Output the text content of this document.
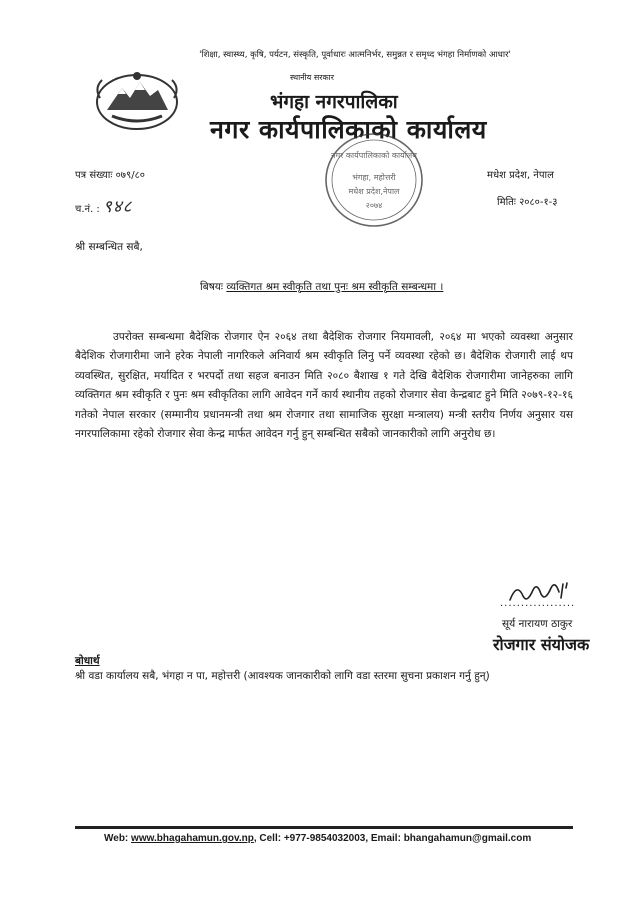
'शिक्षा, स्वास्थ्य, कृषि, पर्यटन, संस्कृति, पूर्वाधारः आत्मनिर्भर, समुन्नत र समृध्द भंगहा निर्माणको आधार'
स्थानीय सरकार
भंगहा नगरपालिका
नगर कार्यपालिकाको कार्यालय
नगर कार्यपालिकाको कार्यालय
भंगहा, महोत्तरी
मधेश प्रदेश,नेपाल
२०७४
पत्र संख्याः ०७९/८०
च.नं. : ९४८
मधेश प्रदेश, नेपाल
मितिः २०८०-१-३
श्री सम्बन्धित सबै,
बिषयः व्यक्तिगत श्रम स्वीकृति तथा पुनः श्रम स्वीकृति सम्बन्धमा ।
उपरोक्त सम्बन्धमा बैदेशिक रोजगार ऐन २०६४ तथा बैदेशिक रोजगार नियमावली, २०६४ मा भएको व्यवस्था अनुसार बैदेशिक रोजगारीमा जाने हरेक नेपाली नागरिकले अनिवार्य श्रम स्वीकृति लिनु पर्ने व्यवस्था रहेको छ। बैदेशिक रोजगारी लाई थप व्यवस्थित, सुरक्षित, मर्यादित र भरपर्दो तथा सहज बनाउन मिति २०८० बैशाख १ गते देखि बैदेशिक रोजगारीमा जानेहरुका लागि व्यक्तिगत श्रम स्वीकृति र पुनः श्रम स्वीकृतिका लागि आवेदन गर्ने कार्य स्थानीय तहको रोजगार सेवा केन्द्रबाट हुने मिति २०७९-१२-१६ गतेको नेपाल सरकार (सम्मानीय प्रधानमन्त्री तथा श्रम रोजगार तथा सामाजिक सुरक्षा मन्त्रालय) मन्त्री स्तरीय निर्णय अनुसार यस नगरपालिकामा रहेको रोजगार सेवा केन्द्र मार्फत आवेदन गर्नु हुन् सम्बन्धित सबैको जानकारीको लागि अनुरोध छ।
..................
सूर्य नारायण ठाकुर
रोजगार संयोजक
बोधार्थ
श्री वडा कार्यालय सबै, भंगहा न पा, महोत्तरी (आवश्यक जानकारीको लागि वडा स्तरमा सुचना प्रकाशन गर्नु हुन्)
Web: www.bhagahamun.gov.np, Cell: +977-9854032003, Email: bhangahamun@gmail.com
